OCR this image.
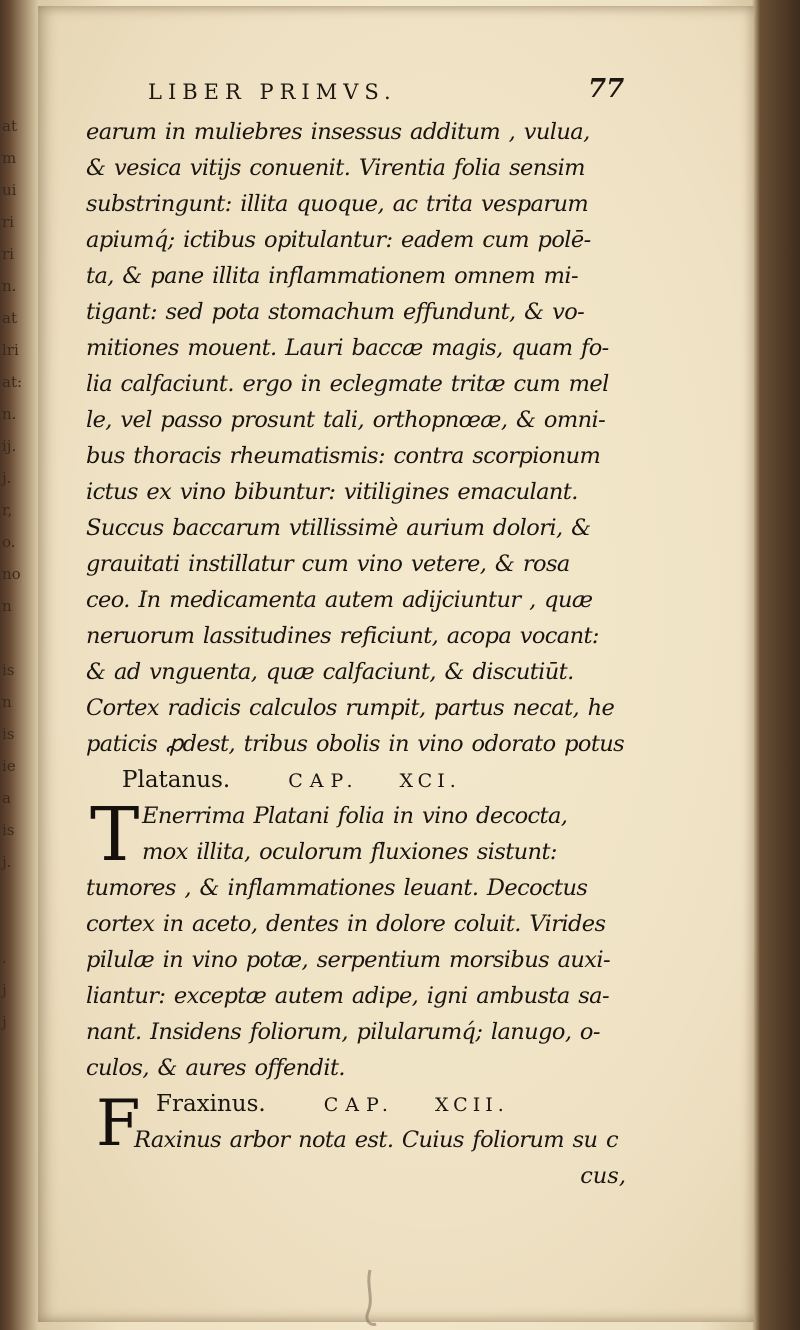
at
m
ui
ri
ri
n.
at
lri
at:
n.
ij.
j.
r,
o.
no
n
is
n
is
ie
a
is
j.
.
j
j
LIBER PRIMVS.	77
earum in muliebres insessus additum , vulua,
& vesica vitijs conuenit. Virentia folia sensim
substringunt: illita quoque, ac trita vesparum
apiumq́; ictibus opitulantur: eadem cum polē-
ta, & pane illita inflammationem omnem mi-
tigant: sed pota stomachum effundunt, & vo-
mitiones mouent. Lauri baccæ magis, quam fo-
lia calfaciunt. ergo in eclegmate tritæ cum mel
le, vel passo prosunt tali, orthopnœæ, & omni-
bus thoracis rheumatismis: contra scorpionum
ictus ex vino bibuntur: vitiligines emaculant.
Succus baccarum vtillissimè aurium dolori, &
grauitati instillatur cum vino vetere, & rosa
ceo. In medicamenta autem adijciuntur , quæ
neruorum lassitudines reficiunt, acopa vocant:
& ad vnguenta, quæ calfaciunt, & discutiūt.
Cortex radicis calculos rumpit, partus necat, he
paticis ꝓdest, tribus obolis in vino odorato potus
Platanus.	CAP. XCI.
T Enerrima Platani folia in vino decocta,
mox illita, oculorum fluxiones sistunt:
tumores , & inflammationes leuant. Decoctus
cortex in aceto, dentes in dolore coluit. Virides
pilulæ in vino potæ, serpentium morsibus auxi-
liantur: exceptæ autem adipe, igni ambusta sa-
nant. Insidens foliorum, pilularumq́; lanugo, o-
culos, & aures offendit.
F Fraxinus.	CAP. XCII.
Raxinus arbor nota est. Cuius foliorum su c
cus,
